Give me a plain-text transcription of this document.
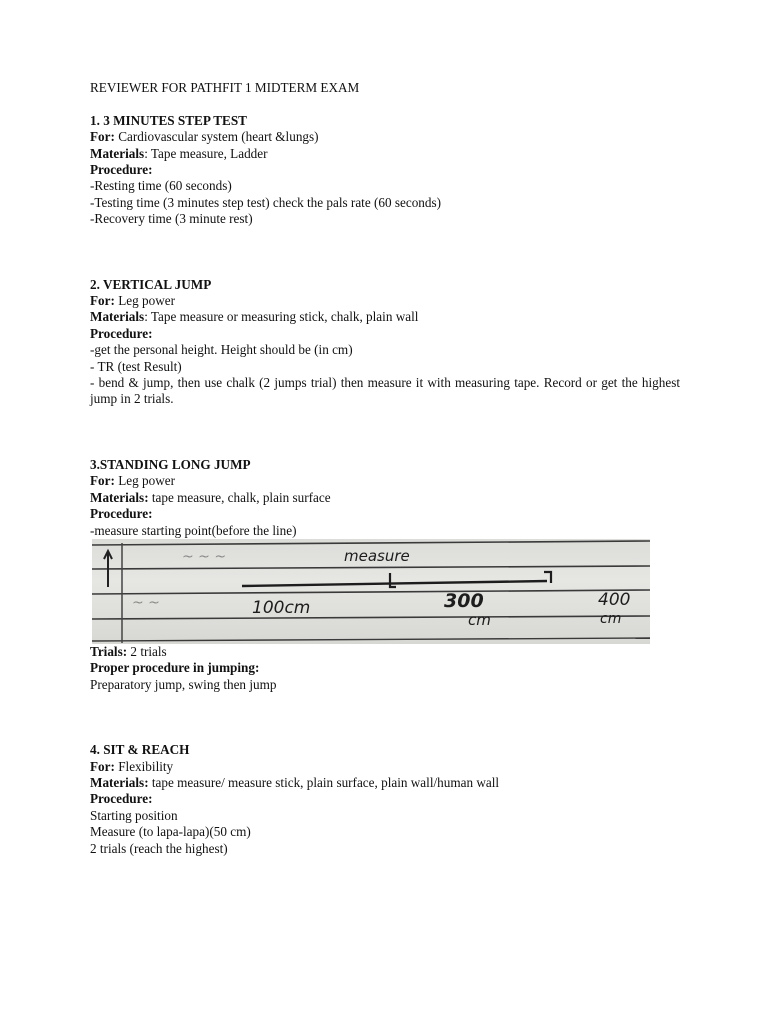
REVIEWER FOR PATHFIT 1 MIDTERM EXAM

1. 3 MINUTES STEP TEST

For: Cardiovascular system (heart &lungs)

Materials: Tape measure, Ladder

Procedure:

-Resting time (60 seconds)

-Testing time (3 minutes step test) check the pals rate (60 seconds)

-Recovery time (3 minute rest)

2. VERTICAL JUMP

For: Leg power

Materials: Tape measure or measuring stick, chalk, plain wall

Procedure:

-get the personal height. Height should be (in cm)

- TR (test Result)

- bend & jump, then use chalk (2 jumps trial) then measure it with measuring tape. Record or get the highest jump in 2 trials.

3.STANDING LONG JUMP

For: Leg power

Materials: tape measure, chalk, plain surface

Procedure:

-measure starting point(before the line)

~ ~ ~
~ ~
measure
100cm	300
cm
400
cm

Trials: 2 trials

Proper procedure in jumping:

Preparatory jump, swing then jump

4. SIT & REACH

For: Flexibility

Materials: tape measure/ measure stick, plain surface, plain wall/human wall

Procedure:

Starting position

Measure (to lapa-lapa)(50 cm)

2 trials (reach the highest)
